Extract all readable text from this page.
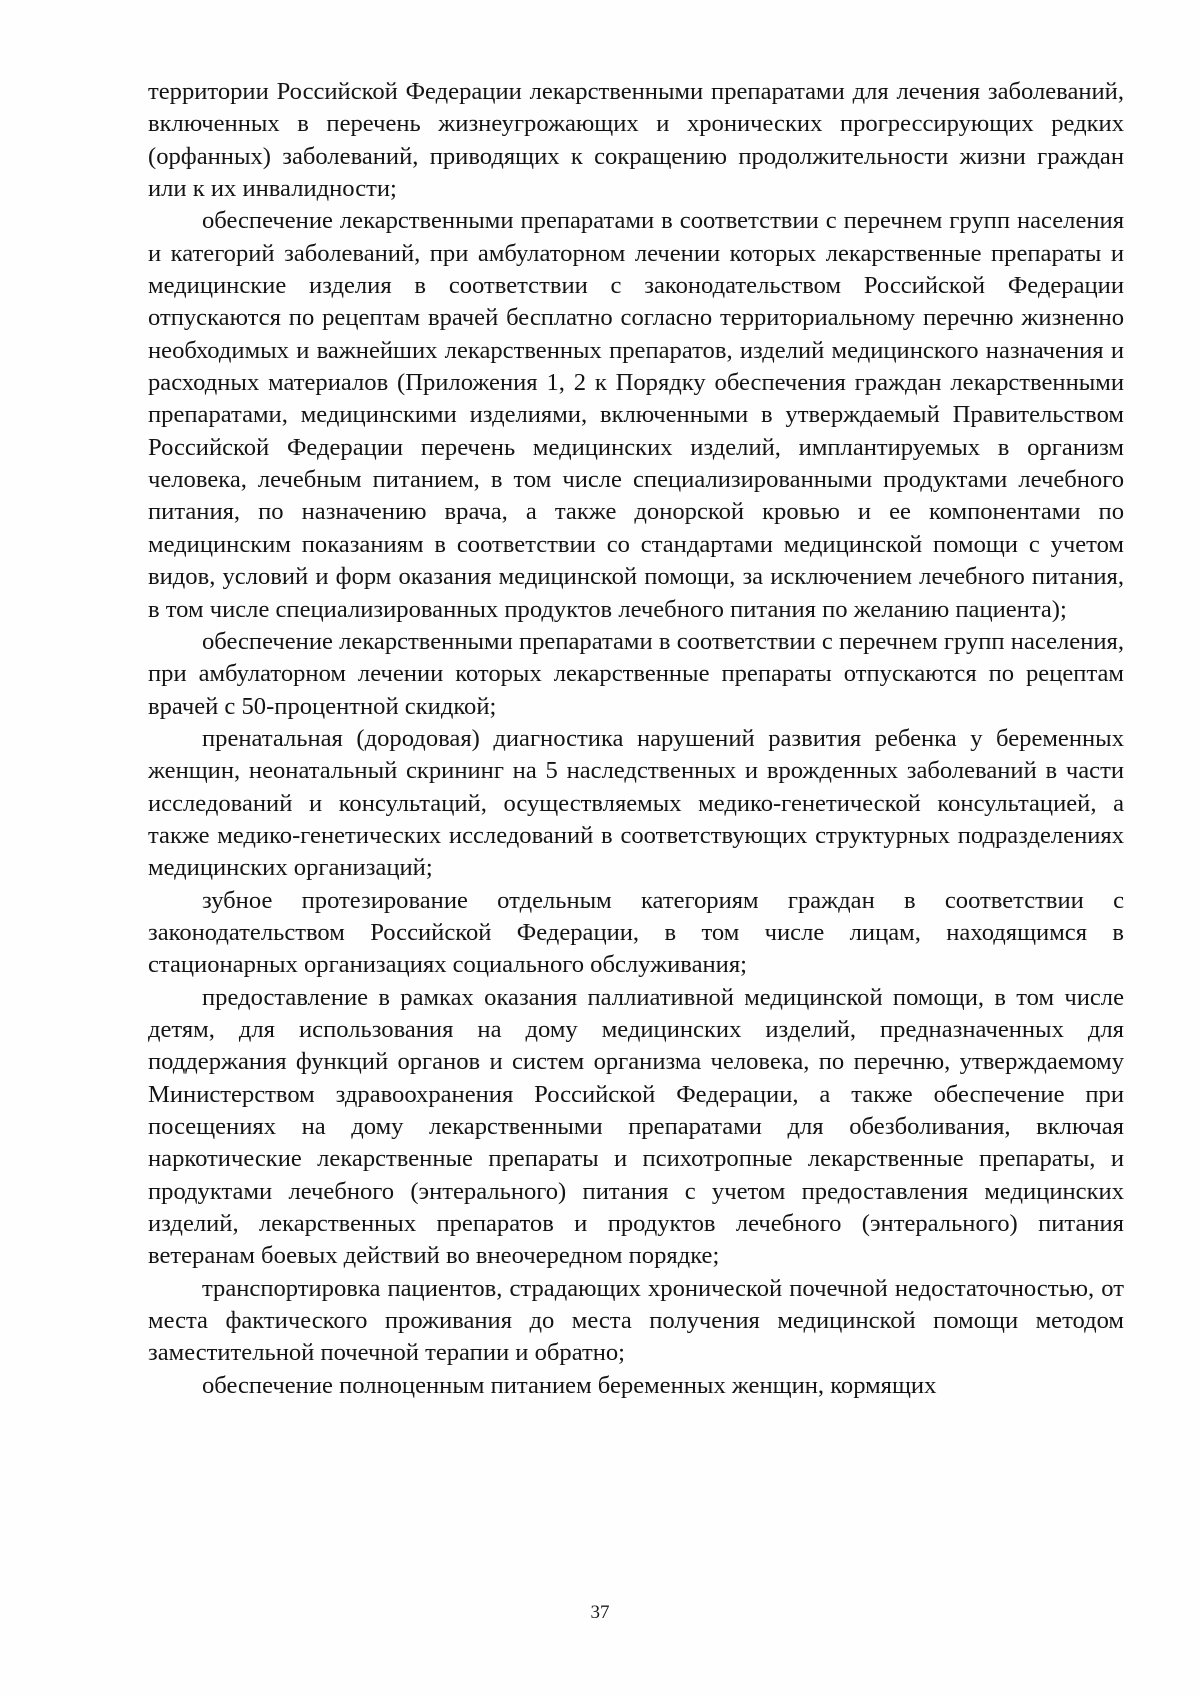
территории Российской Федерации лекарственными препаратами для лечения заболеваний, включенных в перечень жизнеугрожающих и хронических прогрессирующих редких (орфанных) заболеваний, приводящих к сокращению продолжительности жизни граждан или к их инвалидности;

обеспечение лекарственными препаратами в соответствии с перечнем групп населения и категорий заболеваний, при амбулаторном лечении которых лекарственные препараты и медицинские изделия в соответствии с законодательством Российской Федерации отпускаются по рецептам врачей бесплатно согласно территориальному перечню жизненно необходимых и важнейших лекарственных препаратов, изделий медицинского назначения и расходных материалов (Приложения 1, 2 к Порядку обеспечения граждан лекарственными препаратами, медицинскими изделиями, включенными в утверждаемый Правительством Российской Федерации перечень медицинских изделий, имплантируемых в организм человека, лечебным питанием, в том числе специализированными продуктами лечебного питания, по назначению врача, а также донорской кровью и ее компонентами по медицинским показаниям в соответствии со стандартами медицинской помощи с учетом видов, условий и форм оказания медицинской помощи, за исключением лечебного питания, в том числе специализированных продуктов лечебного питания по желанию пациента);

обеспечение лекарственными препаратами в соответствии с перечнем групп населения, при амбулаторном лечении которых лекарственные препараты отпускаются по рецептам врачей с 50-процентной скидкой;

пренатальная (дородовая) диагностика нарушений развития ребенка у беременных женщин, неонатальный скрининг на 5 наследственных и врожденных заболеваний в части исследований и консультаций, осуществляемых медико-генетической консультацией, а также медико-генетических исследований в соответствующих структурных подразделениях медицинских организаций;

зубное протезирование отдельным категориям граждан в соответствии с законодательством Российской Федерации, в том числе лицам, находящимся в стационарных организациях социального обслуживания;

предоставление в рамках оказания паллиативной медицинской помощи, в том числе детям, для использования на дому медицинских изделий, предназначенных для поддержания функций органов и систем организма человека, по перечню, утверждаемому Министерством здравоохранения Российской Федерации, а также обеспечение при посещениях на дому лекарственными препаратами для обезболивания, включая наркотические лекарственные препараты и психотропные лекарственные препараты, и продуктами лечебного (энтерального) питания с учетом предоставления медицинских изделий, лекарственных препаратов и продуктов лечебного (энтерального) питания ветеранам боевых действий во внеочередном порядке;

транспортировка пациентов, страдающих хронической почечной недостаточностью, от места фактического проживания до места получения медицинской помощи методом заместительной почечной терапии и обратно;

обеспечение полноценным питанием беременных женщин, кормящих

37
